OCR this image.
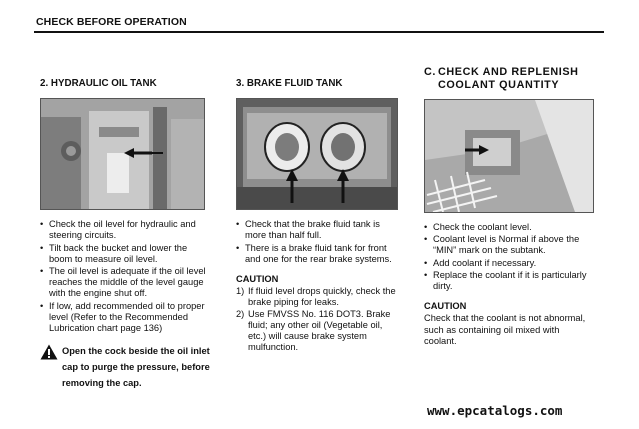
CHECK BEFORE OPERATION
2. HYDRAULIC OIL TANK
• Check the oil level for hydraulic and steering circuits.
• Tilt back the bucket and lower the boom to measure oil level.
• The oil level is adequate if the oil level reaches the middle of the level gauge with the engine shut off.
• If low, add recommended oil to proper level (Refer to the Recommended Lubrication chart page 136)
Open the cock beside the oil inlet cap to purge the pressure, before removing the cap.
3. BRAKE FLUID TANK
• Check that the brake fluid tank is more than half full.
• There is a brake fluid tank for front and one for the rear brake systems.
CAUTION
1) If fluid level drops quickly, check the brake piping for leaks.
2) Use FMVSS No. 116 DOT3. Brake fluid; any other oil (Vegetable oil, etc.) will cause brake system mulfunction.
C. CHECK AND REPLENISH
COOLANT QUANTITY
• Check the coolant level.
• Coolant level is Normal if above the “MIN” mark on the subtank.
• Add coolant if necessary.
• Replace the coolant if it is particularly dirty.
CAUTION
Check that the coolant is not abnormal, such as containing oil mixed with coolant.
www.epcatalogs.com
